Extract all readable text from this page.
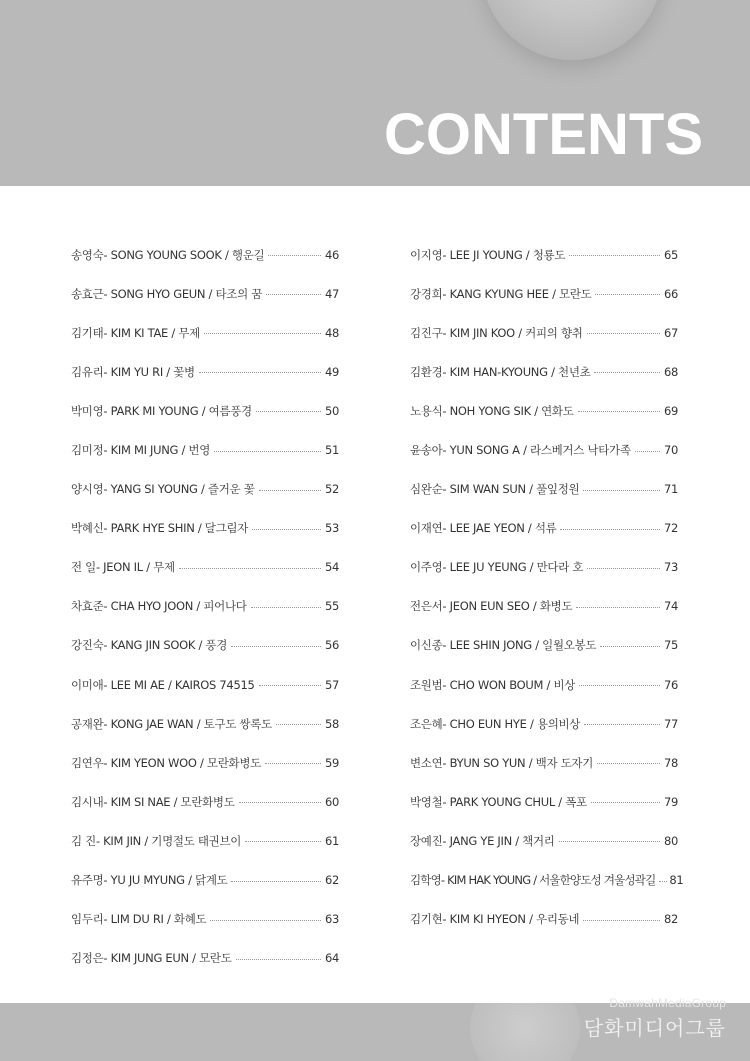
CONTENTS
송영숙- SONG YOUNG SOOK / 행운길	46
송효근- SONG HYO GEUN / 타조의 꿈	47
김기태- KIM KI TAE / 무제	48
김유리- KIM YU RI / 꽃병	49
박미영- PARK MI YOUNG / 여름풍경	50
김미정- KIM MI JUNG / 번영	51
양시영- YANG SI YOUNG / 즐거운 꽃	52
박혜신- PARK HYE SHIN / 달그림자	53
전 일- JEON IL / 무제	54
차효준- CHA HYO JOON / 피어나다	55
강진숙- KANG JIN SOOK / 풍경	56
이미애- LEE MI AE / KAIROS 74515	57
공재완- KONG JAE WAN / 토구도 쌍록도	58
김연우- KIM YEON WOO / 모란화병도	59
김시내- KIM SI NAE / 모란화병도	60
김 진- KIM JIN / 기명절도 태권브이	61
유주명- YU JU MYUNG / 닭계도	62
임두리- LIM DU RI / 화혜도	63
김정은- KIM JUNG EUN / 모란도	64
이지영- LEE JI YOUNG / 청룡도	65
강경희- KANG KYUNG HEE / 모란도	66
김진구- KIM JIN KOO / 커피의 향취	67
김환경- KIM HAN-KYOUNG / 천년초	68
노용식- NOH YONG SIK / 연화도	69
윤송아- YUN SONG A / 라스베거스 낙타가족	70
심완순- SIM WAN SUN / 풀잎정원	71
이재연- LEE JAE YEON / 석류	72
이주영- LEE JU YEUNG / 만다라 호	73
전은서- JEON EUN SEO / 화병도	74
이신종- LEE SHIN JONG / 일월오봉도	75
조원범- CHO WON BOUM / 비상	76
조은혜- CHO EUN HYE / 용의비상	77
변소연- BYUN SO YUN / 백자 도자기	78
박영철- PARK YOUNG CHUL / 폭포	79
장예진- JANG YE JIN / 책거리	80
김학영- KIM HAK YOUNG / 서울한양도성 겨울성곽길 81
김기현- KIM KI HYEON / 우리동네	82
DamwahMediaGroup
담화미디어그룹
